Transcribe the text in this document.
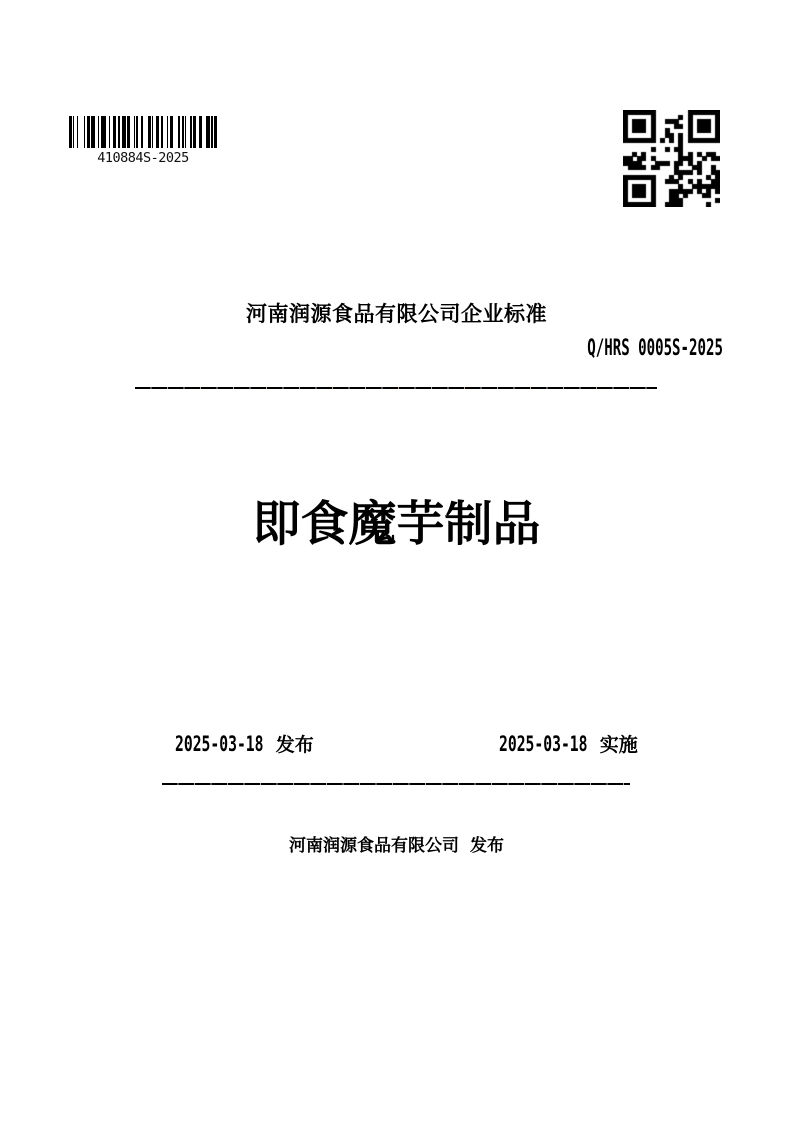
410884S-2025
河南润源食品有限公司企业标准
Q/HRS 0005S-2025
即食魔芋制品
2025-03-18 发布	2025-03-18 实施
河南润源食品有限公司 发布
